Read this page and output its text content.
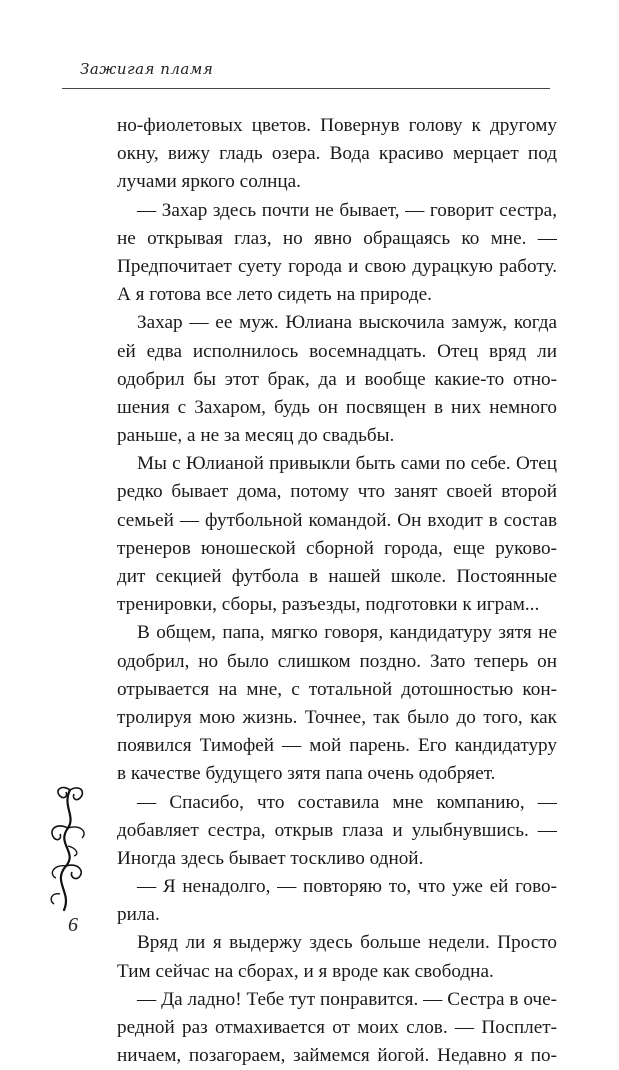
Зажигая пламя
но-фиолетовых цветов. Повернув голову к другому
окну, вижу гладь озера. Вода красиво мерцает под
лучами яркого солнца.
— Захар здесь почти не бывает, — говорит сестра,
не открывая глаз, но явно обращаясь ко мне. —
Предпочитает суету города и свою дурацкую работу.
А я готова все лето сидеть на природе.
Захар — ее муж. Юлиана выскочила замуж, когда
ей едва исполнилось восемнадцать. Отец вряд ли
одобрил бы этот брак, да и вообще какие-то отно-
шения с Захаром, будь он посвящен в них немного
раньше, а не за месяц до свадьбы.
Мы с Юлианой привыкли быть сами по себе. Отец
редко бывает дома, потому что занят своей второй
семьей — футбольной командой. Он входит в состав
тренеров юношеской сборной города, еще руково-
дит секцией футбола в нашей школе. Постоянные
тренировки, сборы, разъезды, подготовки к играм...
В общем, папа, мягко говоря, кандидатуру зятя не
одобрил, но было слишком поздно. Зато теперь он
отрывается на мне, с тотальной дотошностью кон-
тролируя мою жизнь. Точнее, так было до того, как
появился Тимофей — мой парень. Его кандидатуру
в качестве будущего зятя папа очень одобряет.
— Спасибо, что составила мне компанию, —
добавляет сестра, открыв глаза и улыбнувшись. —
Иногда здесь бывает тоскливо одной.
— Я ненадолго, — повторяю то, что уже ей гово-
рила.
Вряд ли я выдержу здесь больше недели. Просто
Тим сейчас на сборах, и я вроде как свободна.
— Да ладно! Тебе тут понравится. — Сестра в оче-
редной раз отмахивается от моих слов. — Посплет-
ничаем, позагораем, займемся йогой. Недавно я по-
6
